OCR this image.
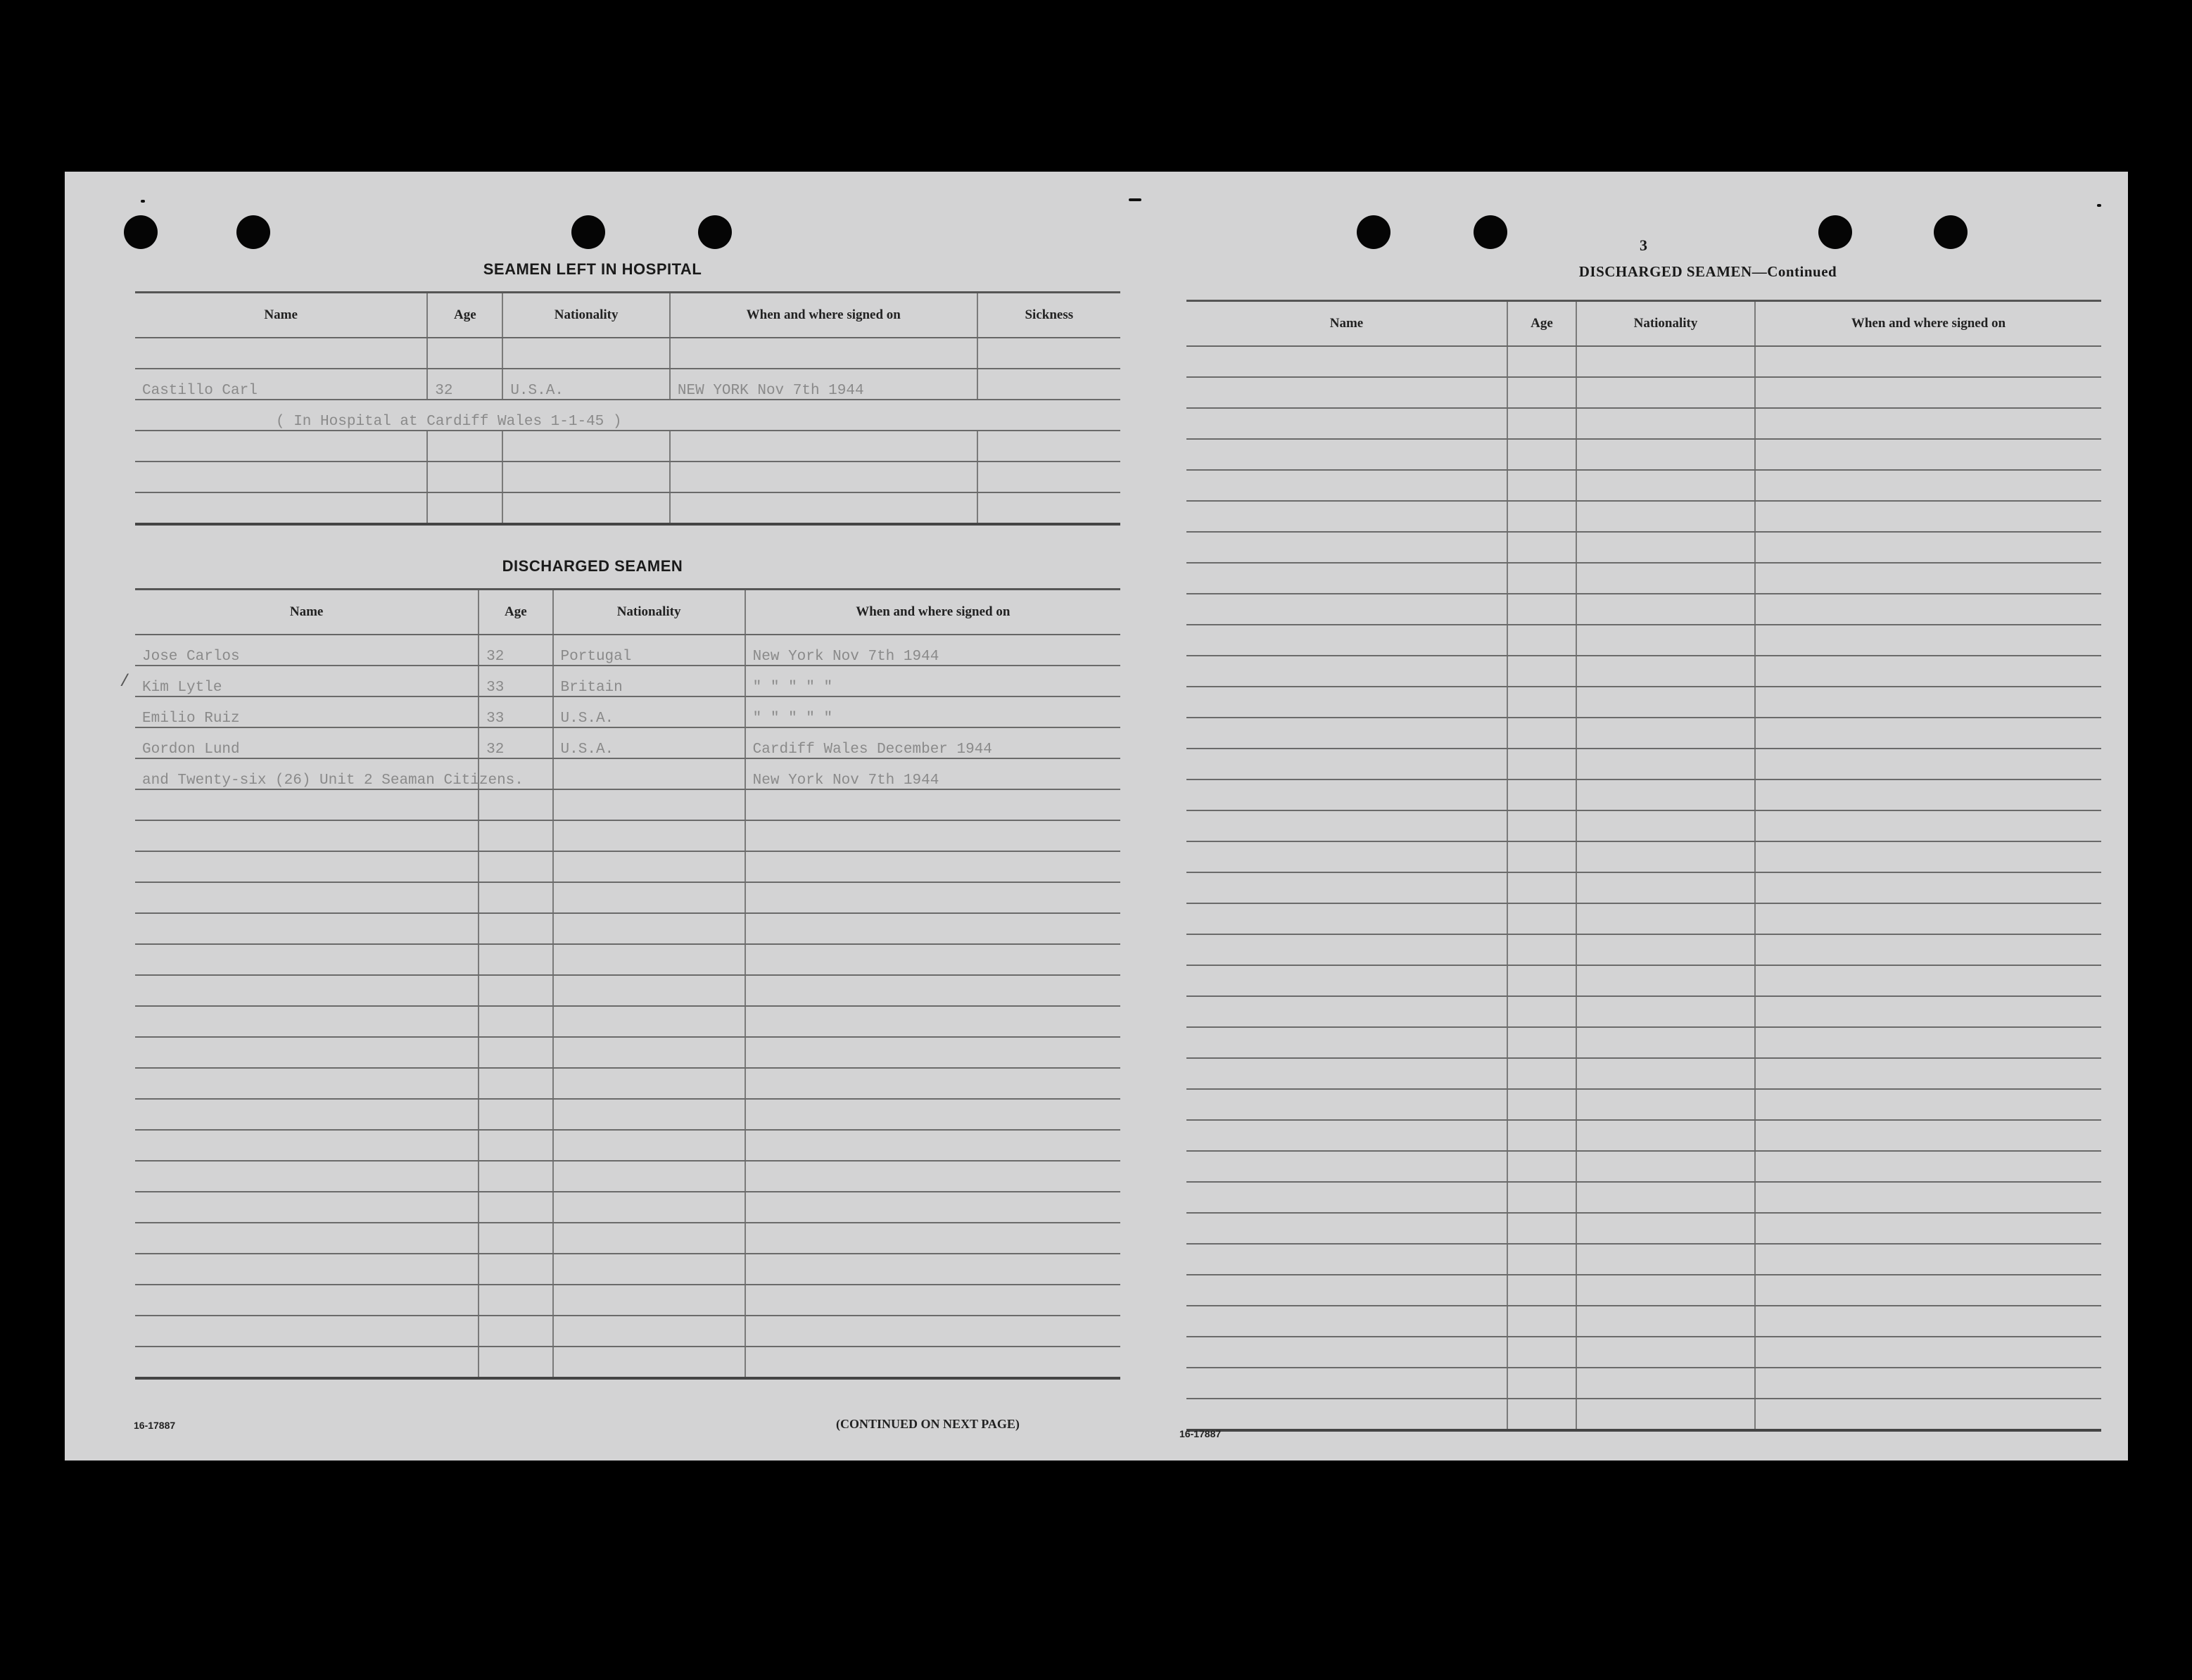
SEAMEN LEFT IN HOSPITAL
Name	Age	Nationality	When and where signed on	Sickness

Castillo Carl	32	U.S.A.	NEW YORK Nov 7th 1944	
( In Hospital at Cardiff Wales 1-1-45 )				

DISCHARGED SEAMEN
Name	Age	Nationality	When and where signed on
Jose Carlos	32	Portugal	New York Nov 7th 1944
Kim Lytle	33	Britain	" " " " "
Emilio Ruiz	33	U.S.A.	" " " " "
Gordon Lund	32	U.S.A.	Cardiff Wales December 1944
and Twenty-six (26) Unit 2 Seaman Citizens.			New York Nov 7th 1944

/
16-17887	(CONTINUED ON NEXT PAGE)
3
DISCHARGED SEAMEN—Continued
Name	Age	Nationality	When and where signed on

16-17887
